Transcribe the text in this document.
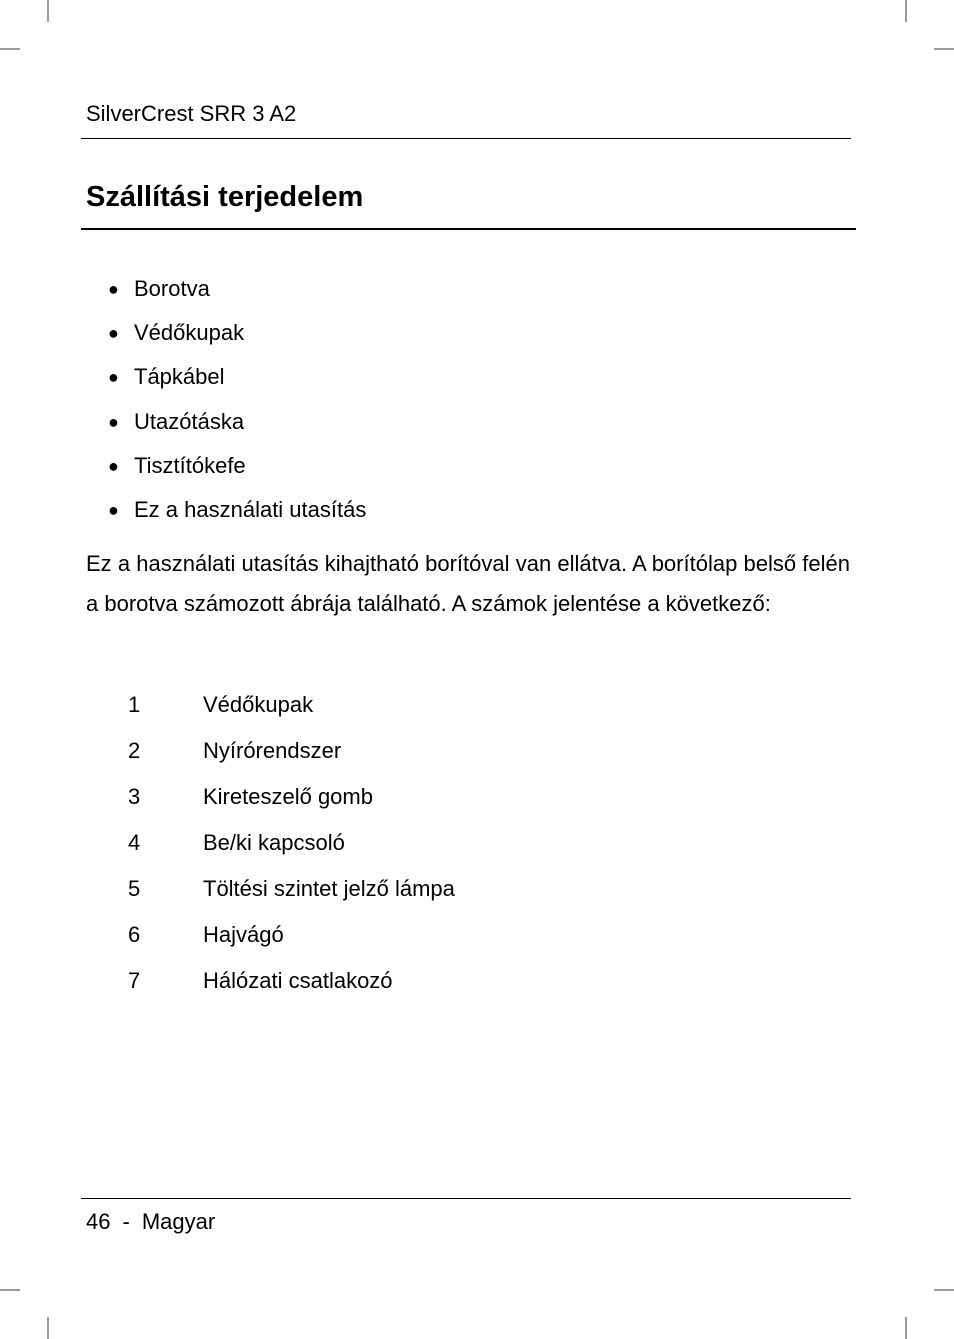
SilverCrest SRR 3 A2
Szállítási terjedelem
● Borotva
● Védőkupak
● Tápkábel
● Utazótáska
● Tisztítókefe
● Ez a használati utasítás

Ez a használati utasítás kihajtható borítóval van ellátva. A borítólap belső felén a borotva számozott ábrája található. A számok jelentése a következő:

1	Védőkupak
2	Nyírórendszer
3	Kireteszelő gomb
4	Be/ki kapcsoló
5	Töltési szintet jelző lámpa
6	Hajvágó
7	Hálózati csatlakozó
46 - Magyar
